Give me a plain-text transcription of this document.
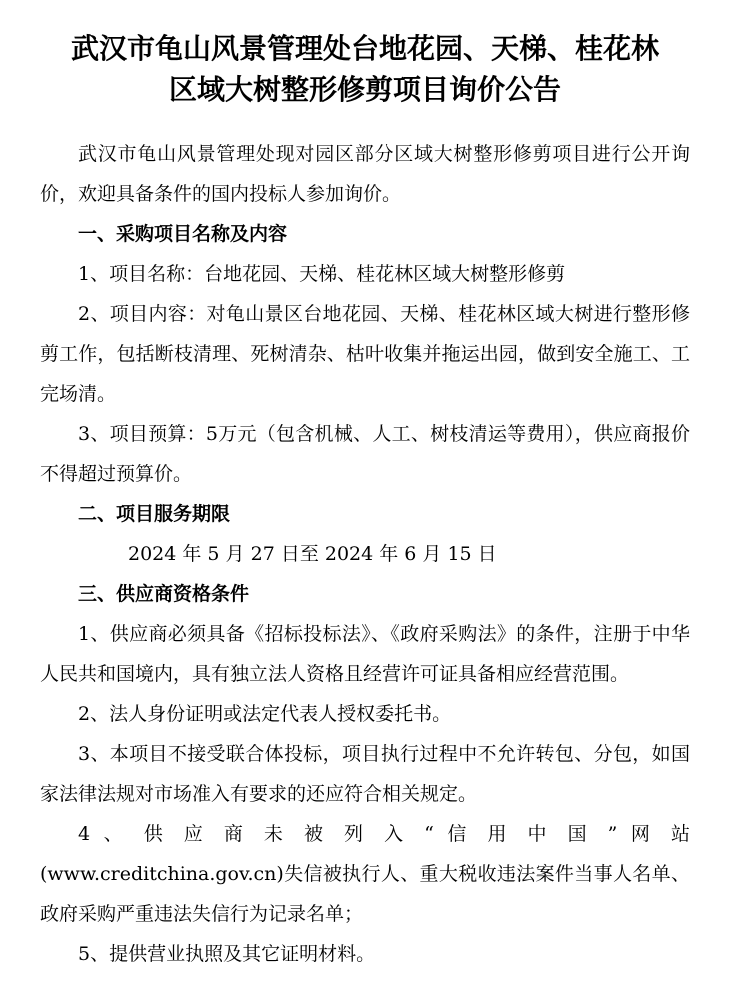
武汉市龟山风景管理处台地花园、天梯、桂花林
区域大树整形修剪项目询价公告

武汉市龟山风景管理处现对园区部分区域大树整形修剪项目进行公开询价，欢迎具备条件的国内投标人参加询价。

一、采购项目名称及内容

1、项目名称：台地花园、天梯、桂花林区域大树整形修剪

2、项目内容：对龟山景区台地花园、天梯、桂花林区域大树进行整形修剪工作，包括断枝清理、死树清杂、枯叶收集并拖运出园，做到安全施工、工完场清。

3、项目预算：5万元（包含机械、人工、树枝清运等费用），供应商报价不得超过预算价。

二、项目服务期限

2024 年 5 月 27 日至 2024 年 6 月 15 日

三、供应商资格条件

1、供应商必须具备《招标投标法》、《政府采购法》的条件，注册于中华人民共和国境内，具有独立法人资格且经营许可证具备相应经营范围。

2、法人身份证明或法定代表人授权委托书。

3、本项目不接受联合体投标，项目执行过程中不允许转包、分包，如国家法律法规对市场准入有要求的还应符合相关规定。

4 、 供 应 商 未 被 列 入 “ 信 用 中 国 ” 网 站 (www.creditchina.gov.cn)失信被执行人、重大税收违法案件当事人名单、政府采购严重违法失信行为记录名单；

5、提供营业执照及其它证明材料。
